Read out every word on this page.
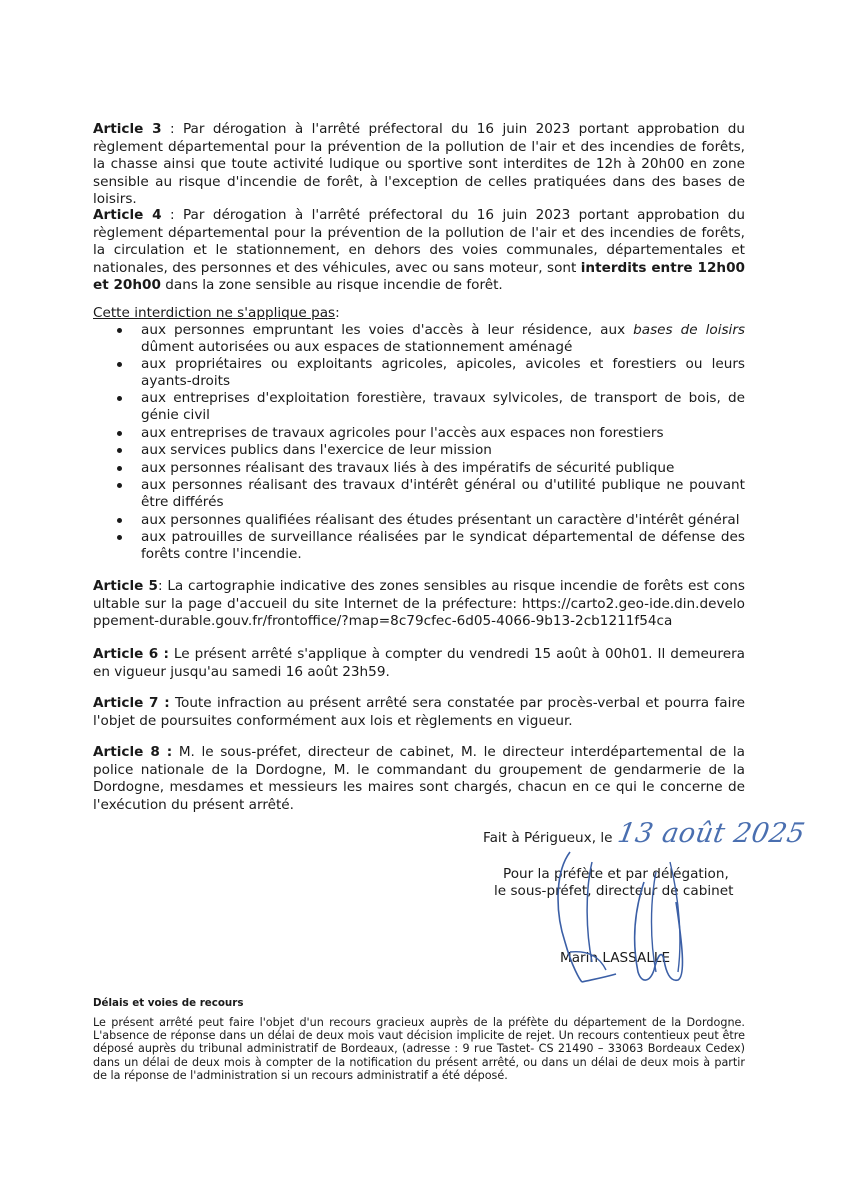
Article 3 : Par dérogation à l'arrêté préfectoral du 16 juin 2023 portant approbation du règlement départemental pour la prévention de la pollution de l'air et des incendies de forêts, la chasse ainsi que toute activité ludique ou sportive sont interdites de 12h à 20h00 en zone sensible au risque d'incendie de forêt, à l'exception de celles pratiquées dans des bases de loisirs.

Article 4 : Par dérogation à l'arrêté préfectoral du 16 juin 2023 portant approbation du règlement départemental pour la prévention de la pollution de l'air et des incendies de forêts, la circulation et le stationnement, en dehors des voies communales, départementales et nationales, des personnes et des véhicules, avec ou sans moteur, sont interdits entre 12h00 et 20h00 dans la zone sensible au risque incendie de forêt.

Cette interdiction ne s'applique pas:

aux personnes empruntant les voies d'accès à leur résidence, aux bases de loisirs dûment autorisées ou aux espaces de stationnement aménagé
aux propriétaires ou exploitants agricoles, apicoles, avicoles et forestiers ou leurs ayants-droits
aux entreprises d'exploitation forestière, travaux sylvicoles, de transport de bois, de génie civil
aux entreprises de travaux agricoles pour l'accès aux espaces non forestiers
aux services publics dans l'exercice de leur mission
aux personnes réalisant des travaux liés à des impératifs de sécurité publique
aux personnes réalisant des travaux d'intérêt général ou d'utilité publique ne pouvant être différés
aux personnes qualifiées réalisant des études présentant un caractère d'intérêt général
aux patrouilles de surveillance réalisées par le syndicat départemental de défense des forêts contre l'incendie.

Article 5: La cartographie indicative des zones sensibles au risque incendie de forêts est consultable sur la page d'accueil du site Internet de la préfecture: https://carto2.geo-ide.din.developpement-durable.gouv.fr/frontoffice/?map=8c79cfec-6d05-4066-9b13-2cb1211f54ca

Article 6 : Le présent arrêté s'applique à compter du vendredi 15 août à 00h01. Il demeurera en vigueur jusqu'au samedi 16 août 23h59.

Article 7 : Toute infraction au présent arrêté sera constatée par procès-verbal et pourra faire l'objet de poursuites conformément aux lois et règlements en vigueur.

Article 8 : M. le sous-préfet, directeur de cabinet, M. le directeur interdépartemental de la police nationale de la Dordogne, M. le commandant du groupement de gendarmerie de la Dordogne, mesdames et messieurs les maires sont chargés, chacun en ce qui le concerne de l'exécution du présent arrêté.

Fait à Périgueux, le 13 août 2025
Pour la préfète et par délégation,
le sous-préfet, directeur de cabinet
Marin LASSALLE
Délais et voies de recours

Le présent arrêté peut faire l'objet d'un recours gracieux auprès de la préfète du département de la Dordogne. L'absence de réponse dans un délai de deux mois vaut décision implicite de rejet. Un recours contentieux peut être déposé auprès du tribunal administratif de Bordeaux, (adresse : 9 rue Tastet- CS 21490 – 33063 Bordeaux Cedex) dans un délai de deux mois à compter de la notification du présent arrêté, ou dans un délai de deux mois à partir de la réponse de l'administration si un recours administratif a été déposé.
